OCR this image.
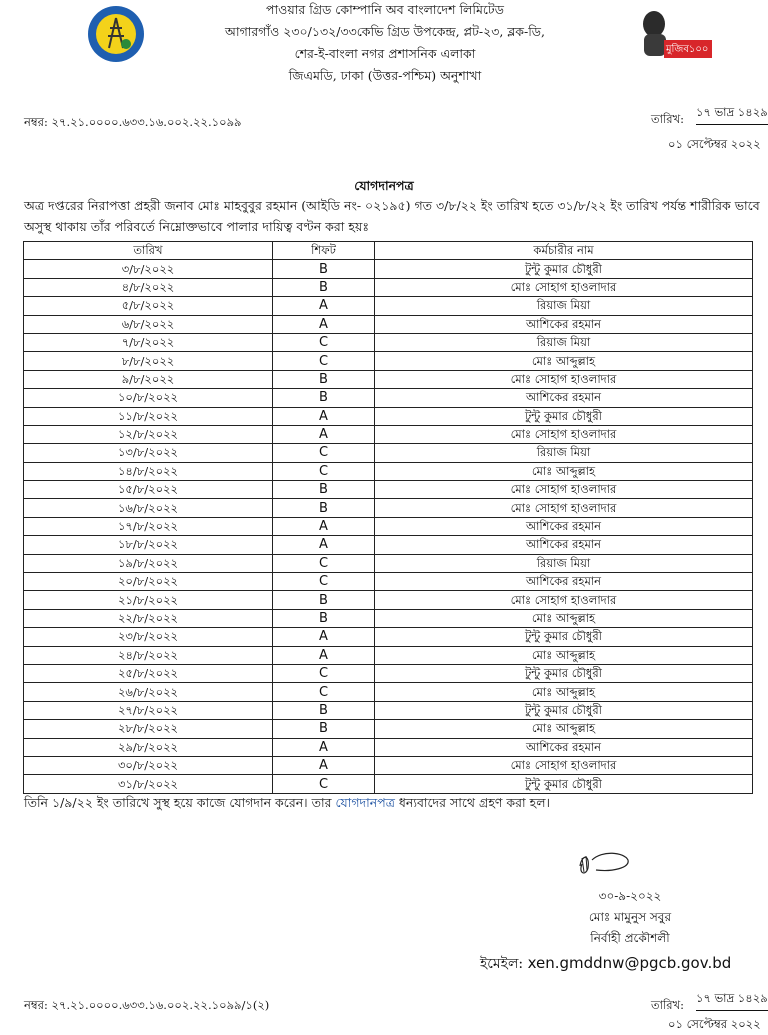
পাওয়ার গ্রিড কোম্পানি অব বাংলাদেশ লিমিটেড
আগারগাঁও ২৩০/১৩২/৩৩কেভি গ্রিড উপকেন্দ্র, প্লট-২৩, ব্লক-ডি,
শের-ই-বাংলা নগর প্রশাসনিক এলাকা
জিএমডি, ঢাকা (উত্তর-পশ্চিম) অনুশাখা
মুজিব১০০
নম্বর: ২৭.২১.০০০০.৬৩৩.১৬.০০২.২২.১০৯৯	তারিখ: ১৭ ভাদ্র ১৪২৯
০১ সেপ্টেম্বর ২০২২
যোগদানপত্র
অত্র দপ্তরের নিরাপত্তা প্রহরী জনাব মোঃ মাহবুবুর রহমান (আইডি নং- ০২১৯৫) গত ৩/৮/২২ ইং তারিখ হতে ৩১/৮/২২ ইং তারিখ পর্যন্ত শারীরিক ভাবে অসুস্থ থাকায় তাঁর পরিবর্তে নিম্নোক্তভাবে পালার দায়িত্ব বণ্টন করা হয়ঃ
তারিখ	শিফট	কর্মচারীর নাম
৩/৮/২০২২	B	টুন্টু কুমার চৌধুরী
৪/৮/২০২২	B	মোঃ সোহাগ হাওলাদার
৫/৮/২০২২	A	রিয়াজ মিয়া
৬/৮/২০২২	A	আশিকের রহমান
৭/৮/২০২২	C	রিয়াজ মিয়া
৮/৮/২০২২	C	মোঃ আব্দুল্লাহ
৯/৮/২০২২	B	মোঃ সোহাগ হাওলাদার
১০/৮/২০২২	B	আশিকের রহমান
১১/৮/২০২২	A	টুন্টু কুমার চৌধুরী
১২/৮/২০২২	A	মোঃ সোহাগ হাওলাদার
১৩/৮/২০২২	C	রিয়াজ মিয়া
১৪/৮/২০২২	C	মোঃ আব্দুল্লাহ
১৫/৮/২০২২	B	মোঃ সোহাগ হাওলাদার
১৬/৮/২০২২	B	মোঃ সোহাগ হাওলাদার
১৭/৮/২০২২	A	আশিকের রহমান
১৮/৮/২০২২	A	আশিকের রহমান
১৯/৮/২০২২	C	রিয়াজ মিয়া
২০/৮/২০২২	C	আশিকের রহমান
২১/৮/২০২২	B	মোঃ সোহাগ হাওলাদার
২২/৮/২০২২	B	মোঃ আব্দুল্লাহ
২৩/৮/২০২২	A	টুন্টু কুমার চৌধুরী
২৪/৮/২০২২	A	মোঃ আব্দুল্লাহ
২৫/৮/২০২২	C	টুন্টু কুমার চৌধুরী
২৬/৮/২০২২	C	মোঃ আব্দুল্লাহ
২৭/৮/২০২২	B	টুন্টু কুমার চৌধুরী
২৮/৮/২০২২	B	মোঃ আব্দুল্লাহ
২৯/৮/২০২২	A	আশিকের রহমান
৩০/৮/২০২২	A	মোঃ সোহাগ হাওলাদার
৩১/৮/২০২২	C	টুন্টু কুমার চৌধুরী
তিনি ১/৯/২২ ইং তারিখে সুস্থ হয়ে কাজে যোগদান করেন। তার যোগদানপত্র ধন্যবাদের সাথে গ্রহণ করা হল।
৩০-৯-২০২২
মোঃ মামুনুস সবুর
নির্বাহী প্রকৌশলী
ইমেইল: xen.gmddnw@pgcb.gov.bd
নম্বর: ২৭.২১.০০০০.৬৩৩.১৬.০০২.২২.১০৯৯/১(২)	তারিখ: ১৭ ভাদ্র ১৪২৯
০১ সেপ্টেম্বর ২০২২
